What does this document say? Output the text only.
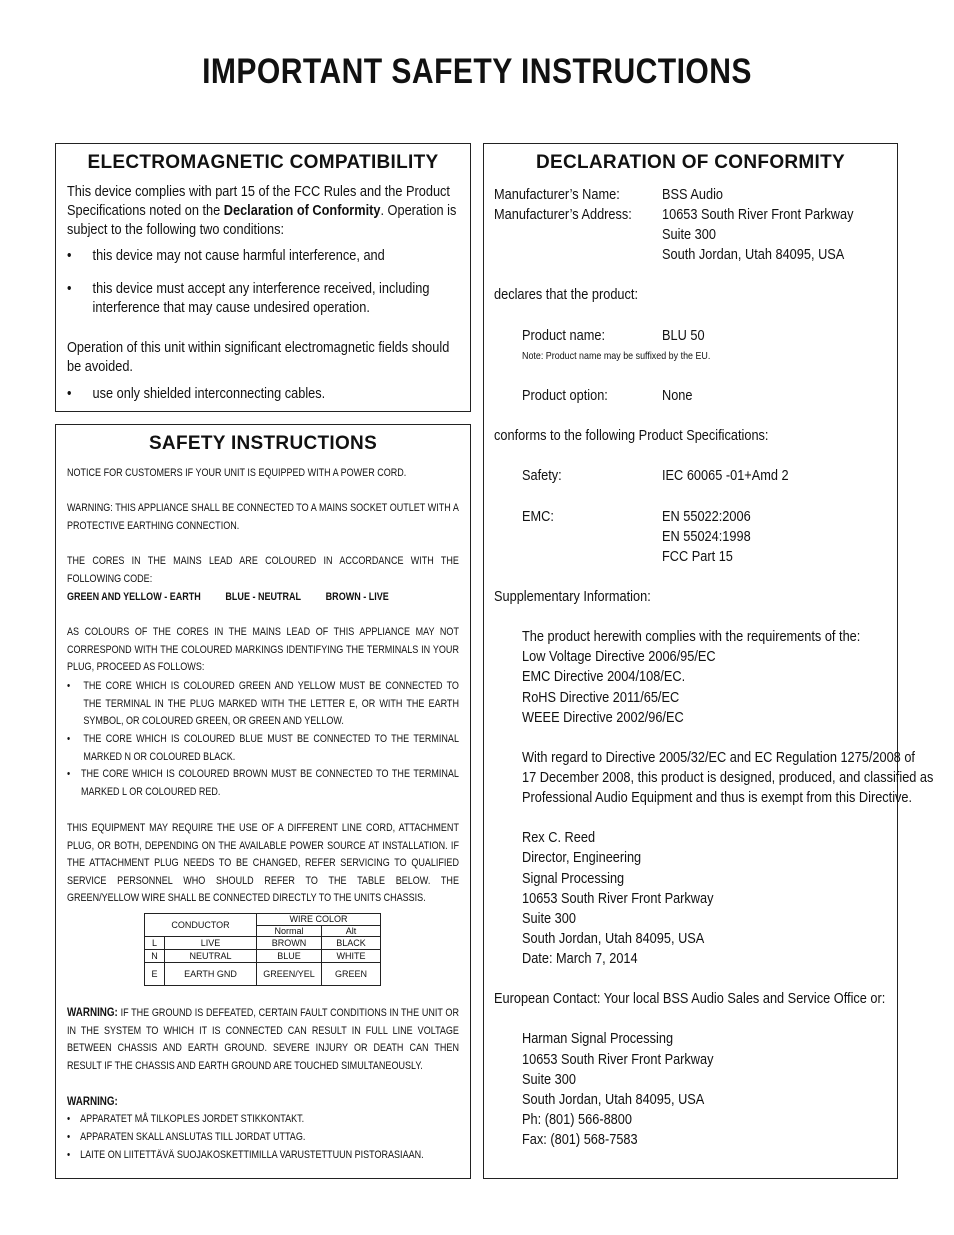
IMPORTANT SAFETY INSTRUCTIONS
ELECTROMAGNETIC COMPATIBILITY
This device complies with part 15 of the FCC Rules and the Product Specifications noted on the Declaration of Conformity. Operation is subject to the following two conditions:
• this device may not cause harmful interference, and
• this device must accept any interference received, including interference that may cause undesired operation.
Operation of this unit within significant electromagnetic fields should be avoided.
• use only shielded interconnecting cables.
SAFETY INSTRUCTIONS
NOTICE FOR CUSTOMERS IF YOUR UNIT IS EQUIPPED WITH A POWER CORD.
WARNING: THIS APPLIANCE SHALL BE CONNECTED TO A MAINS SOCKET OUTLET WITH A PROTECTIVE EARTHING CONNECTION.
THE CORES IN THE MAINS LEAD ARE COLOURED IN ACCORDANCE WITH THE FOLLOWING CODE:
GREEN AND YELLOW - EARTH BLUE - NEUTRAL BROWN - LIVE
AS COLOURS OF THE CORES IN THE MAINS LEAD OF THIS APPLIANCE MAY NOT CORRESPOND WITH THE COLOURED MARKINGS IDENTIFYING THE TERMINALS IN YOUR PLUG, PROCEED AS FOLLOWS:
• THE CORE WHICH IS COLOURED GREEN AND YELLOW MUST BE CONNECTED TO THE TERMINAL IN THE PLUG MARKED WITH THE LETTER E, OR WITH THE EARTH SYMBOL, OR COLOURED GREEN, OR GREEN AND YELLOW.
• THE CORE WHICH IS COLOURED BLUE MUST BE CONNECTED TO THE TERMINAL MARKED N OR COLOURED BLACK.
• THE CORE WHICH IS COLOURED BROWN MUST BE CONNECTED TO THE TERMINAL MARKED L OR COLOURED RED.
THIS EQUIPMENT MAY REQUIRE THE USE OF A DIFFERENT LINE CORD, ATTACHMENT PLUG, OR BOTH, DEPENDING ON THE AVAILABLE POWER SOURCE AT INSTALLATION. IF THE ATTACHMENT PLUG NEEDS TO BE CHANGED, REFER SERVICING TO QUALIFIED SERVICE PERSONNEL WHO SHOULD REFER TO THE TABLE BELOW. THE GREEN/YELLOW WIRE SHALL BE CONNECTED DIRECTLY TO THE UNITS CHASSIS.
CONDUCTOR		WIRE COLOR	
		Normal	Alt
L	LIVE	BROWN	BLACK
N	NEUTRAL	BLUE	WHITE
E	EARTH GND	GREEN/YEL	GREEN
WARNING: IF THE GROUND IS DEFEATED, CERTAIN FAULT CONDITIONS IN THE UNIT OR IN THE SYSTEM TO WHICH IT IS CONNECTED CAN RESULT IN FULL LINE VOLTAGE BETWEEN CHASSIS AND EARTH GROUND. SEVERE INJURY OR DEATH CAN THEN RESULT IF THE CHASSIS AND EARTH GROUND ARE TOUCHED SIMULTANEOUSLY.
WARNING:
• APPARATET MÅ TILKOPLES JORDET STIKKONTAKT.
• APPARATEN SKALL ANSLUTAS TILL JORDAT UTTAG.
• LAITE ON LIITETTÄVÄ SUOJAKOSKETTIMILLA VARUSTETTUUN PISTORASIAAN.
DECLARATION OF CONFORMITY
Manufacturer’s Name:	BSS Audio
Manufacturer’s Address: 10653 South River Front Parkway
Suite 300
South Jordan, Utah 84095, USA
declares that the product:
Product name:	BLU 50
Note: Product name may be suffixed by the EU.
Product option:	None
conforms to the following Product Specifications:
Safety:	IEC 60065 -01+Amd 2
EMC:	EN 55022:2006
EN 55024:1998
FCC Part 15
Supplementary Information:
The product herewith complies with the requirements of the:
Low Voltage Directive 2006/95/EC
EMC Directive 2004/108/EC.
RoHS Directive 2011/65/EC
WEEE Directive 2002/96/EC
With regard to Directive 2005/32/EC and EC Regulation 1275/2008 of
17 December 2008, this product is designed, produced, and classified as
Professional Audio Equipment and thus is exempt from this Directive.
Rex C. Reed
Director, Engineering
Signal Processing
10653 South River Front Parkway
Suite 300
South Jordan, Utah 84095, USA
Date: March 7, 2014
European Contact: Your local BSS Audio Sales and Service Office or:
Harman Signal Processing
10653 South River Front Parkway
Suite 300
South Jordan, Utah 84095, USA
Ph: (801) 566-8800
Fax: (801) 568-7583
